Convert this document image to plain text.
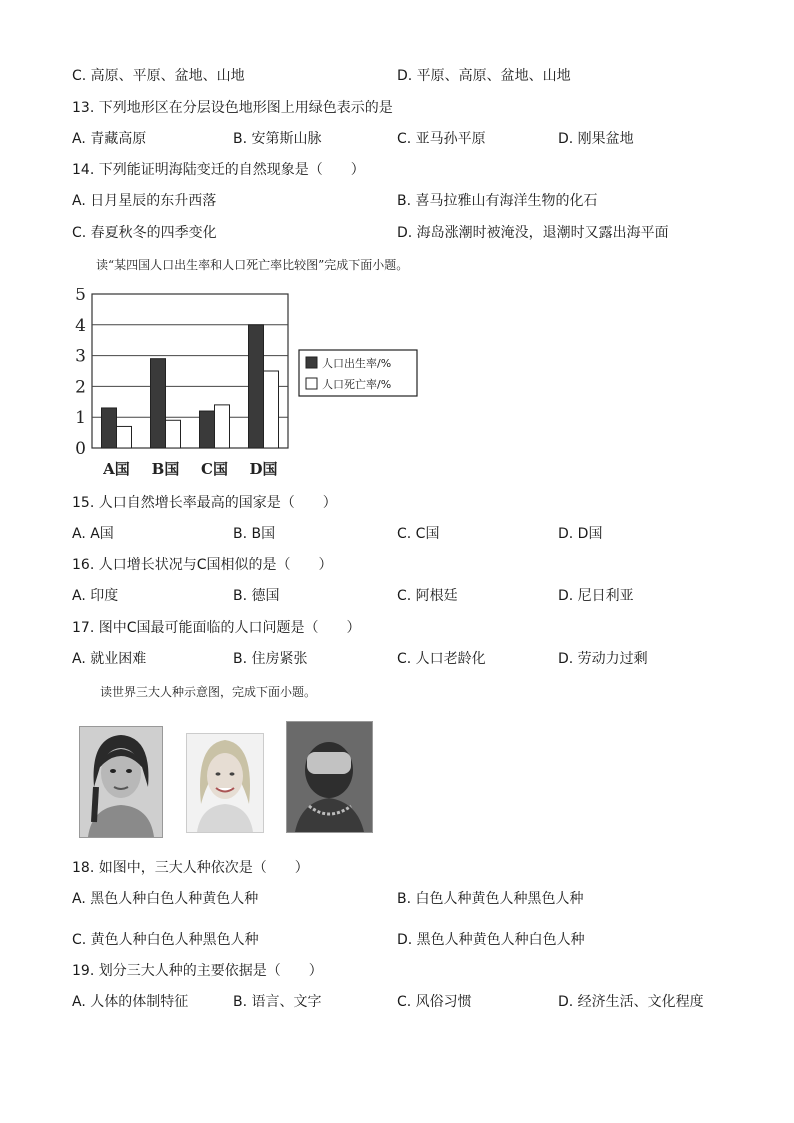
C. 高原、平原、盆地、山地	D. 平原、高原、盆地、山地
13. 下列地形区在分层设色地形图上用绿色表示的是
A. 青藏高原	B. 安第斯山脉	C. 亚马孙平原	D. 刚果盆地
14. 下列能证明海陆变迁的自然现象是（　　）
A. 日月星辰的东升西落	B. 喜马拉雅山有海洋生物的化石
C. 春夏秋冬的四季变化	D. 海岛涨潮时被淹没，退潮时又露出海平面
读“某四国人口出生率和人口死亡率比较图”完成下面小题。
0
1
2
3
4
5
A国 B国 C国 D国
人口出生率/%
人口死亡率/%
15. 人口自然增长率最高的国家是（　　）
A. A国	B. B国	C. C国	D. D国
16. 人口增长状况与C国相似的是（　　）
A. 印度	B. 德国	C. 阿根廷	D. 尼日利亚
17. 图中C国最可能面临的人口问题是（　　）
A. 就业困难	B. 住房紧张	C. 人口老龄化	D. 劳动力过剩
读世界三大人种示意图，完成下面小题。
18. 如图中，三大人种依次是（　　）
A. 黑色人种白色人种黄色人种	B. 白色人种黄色人种黑色人种
C. 黄色人种白色人种黑色人种	D. 黑色人种黄色人种白色人种
19. 划分三大人种的主要依据是（　　）
A. 人体的体制特征	B. 语言、文字	C. 风俗习惯	D. 经济生活、文化程度
